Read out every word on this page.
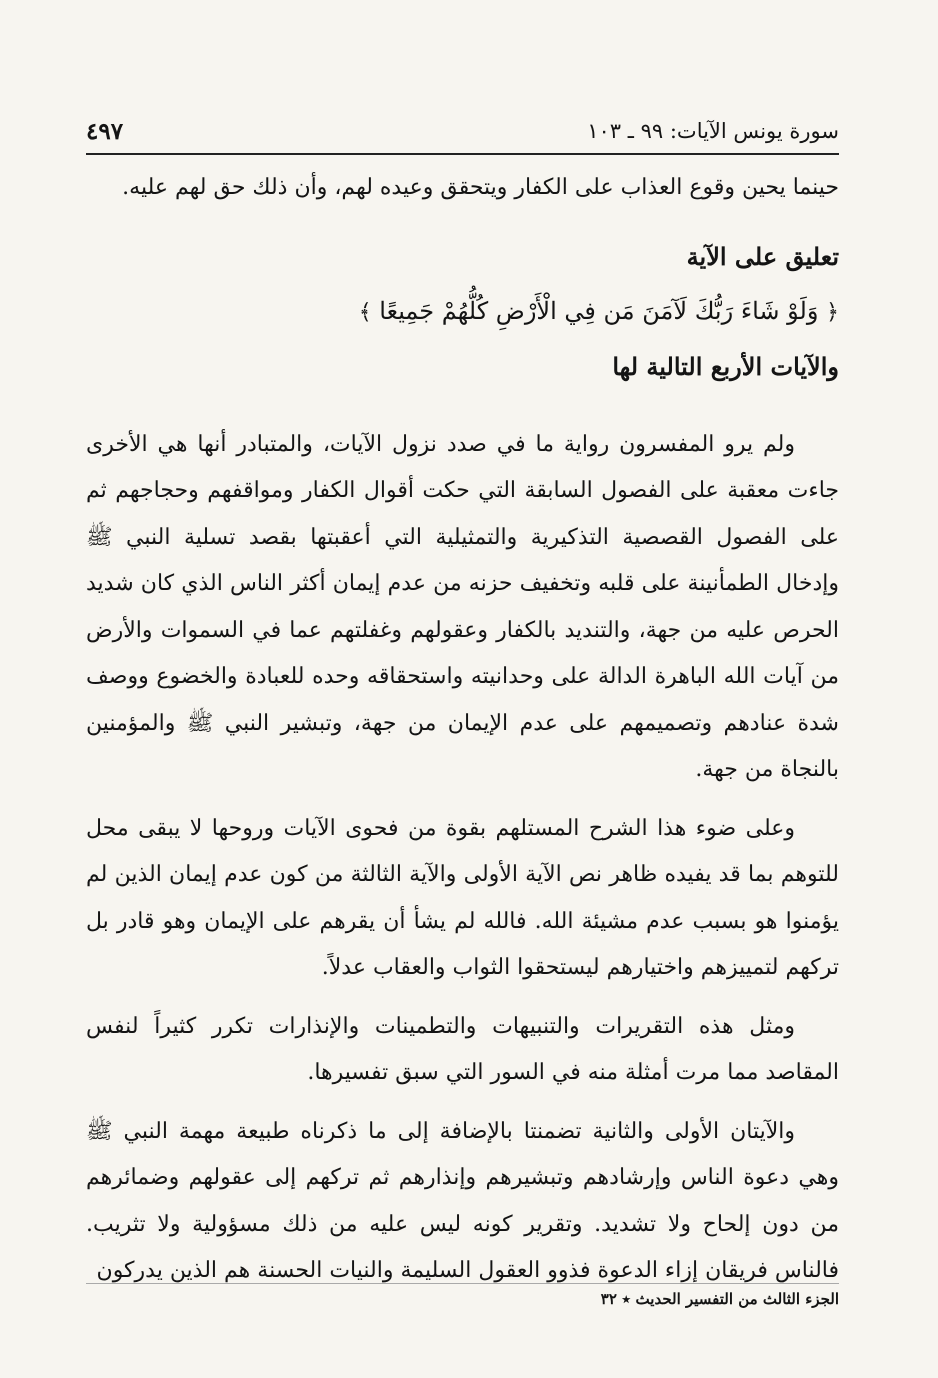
سورة يونس الآيات: ٩٩ ـ ١٠٣
٤٩٧

حينما يحين وقوع العذاب على الكفار ويتحقق وعيده لهم، وأن ذلك حق لهم عليه.

تعليق على الآية
﴿ وَلَوْ شَاءَ رَبُّكَ لَآمَنَ مَن فِي الْأَرْضِ كُلُّهُمْ جَمِيعًا ﴾
والآيات الأربع التالية لها

ولم يرو المفسرون رواية ما في صدد نزول الآيات، والمتبادر أنها هي الأخرى جاءت معقبة على الفصول السابقة التي حكت أقوال الكفار ومواقفهم وحجاجهم ثم على الفصول القصصية التذكيرية والتمثيلية التي أعقبتها بقصد تسلية النبي ﷺ وإدخال الطمأنينة على قلبه وتخفيف حزنه من عدم إيمان أكثر الناس الذي كان شديد الحرص عليه من جهة، والتنديد بالكفار وعقولهم وغفلتهم عما في السموات والأرض من آيات الله الباهرة الدالة على وحدانيته واستحقاقه وحده للعبادة والخضوع ووصف شدة عنادهم وتصميمهم على عدم الإيمان من جهة، وتبشير النبي ﷺ والمؤمنين بالنجاة من جهة.

وعلى ضوء هذا الشرح المستلهم بقوة من فحوى الآيات وروحها لا يبقى محل للتوهم بما قد يفيده ظاهر نص الآية الأولى والآية الثالثة من كون عدم إيمان الذين لم يؤمنوا هو بسبب عدم مشيئة الله. فالله لم يشأ أن يقرهم على الإيمان وهو قادر بل تركهم لتمييزهم واختيارهم ليستحقوا الثواب والعقاب عدلاً.

ومثل هذه التقريرات والتنبيهات والتطمينات والإنذارات تكرر كثيراً لنفس المقاصد مما مرت أمثلة منه في السور التي سبق تفسيرها.

والآيتان الأولى والثانية تضمنتا بالإضافة إلى ما ذكرناه طبيعة مهمة النبي ﷺ وهي دعوة الناس وإرشادهم وتبشيرهم وإنذارهم ثم تركهم إلى عقولهم وضمائرهم من دون إلحاح ولا تشديد. وتقرير كونه ليس عليه من ذلك مسؤولية ولا تثريب. فالناس فريقان إزاء الدعوة فذوو العقول السليمة والنيات الحسنة هم الذين يدركون

الجزء الثالث من التفسير الحديث ٭ ٣٢
